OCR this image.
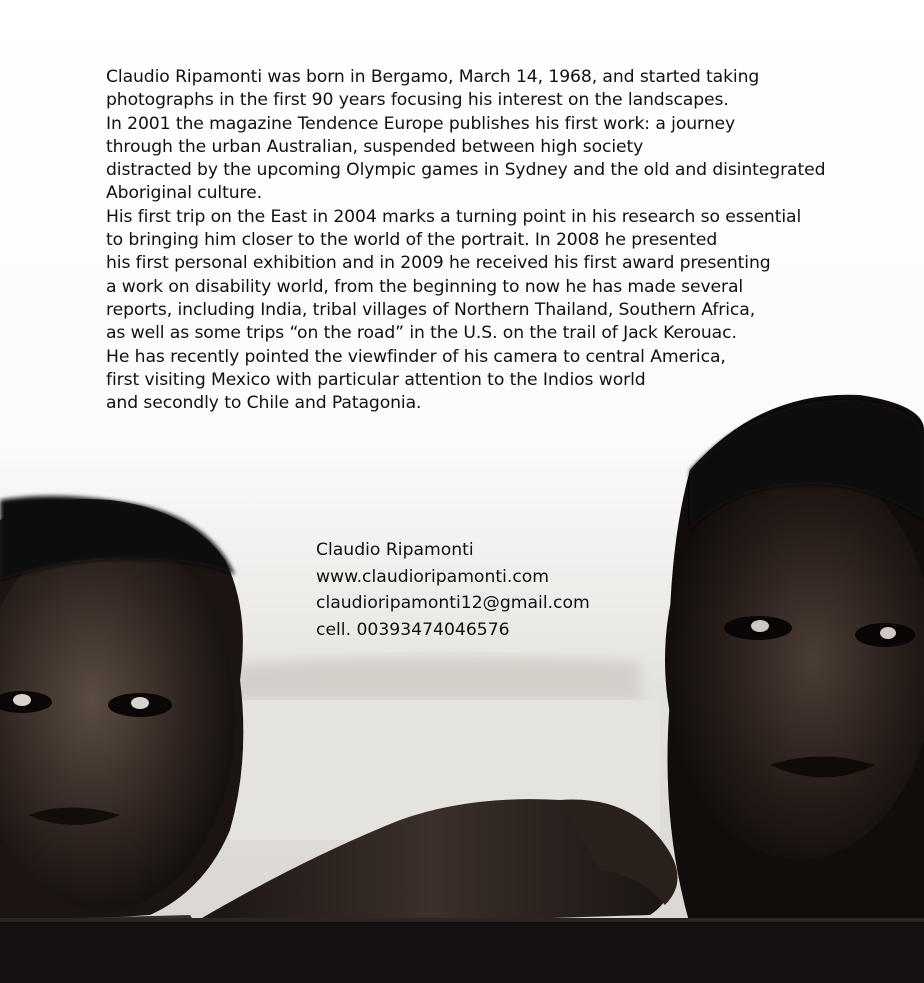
Claudio Ripamonti was born in Bergamo, March 14, 1968, and started taking
photographs in the first 90 years focusing his interest on the landscapes.
In 2001 the magazine Tendence Europe publishes his first work: a journey
through the urban Australian, suspended between high society
distracted by the upcoming Olympic games in Sydney and the old and disintegrated
Aboriginal culture.
His first trip on the East in 2004 marks a turning point in his research so essential
to bringing him closer to the world of the portrait. In 2008 he presented
his first personal exhibition and in 2009 he received his first award presenting
a work on disability world, from the beginning to now he has made several
reports, including India, tribal villages of Northern Thailand, Southern Africa,
as well as some trips “on the road” in the U.S. on the trail of Jack Kerouac.
He has recently pointed the viewfinder of his camera to central America,
first visiting Mexico with particular attention to the Indios world
and secondly to Chile and Patagonia.
Claudio Ripamonti
www.claudioripamonti.com
claudioripamonti12@gmail.com
cell. 00393474046576
